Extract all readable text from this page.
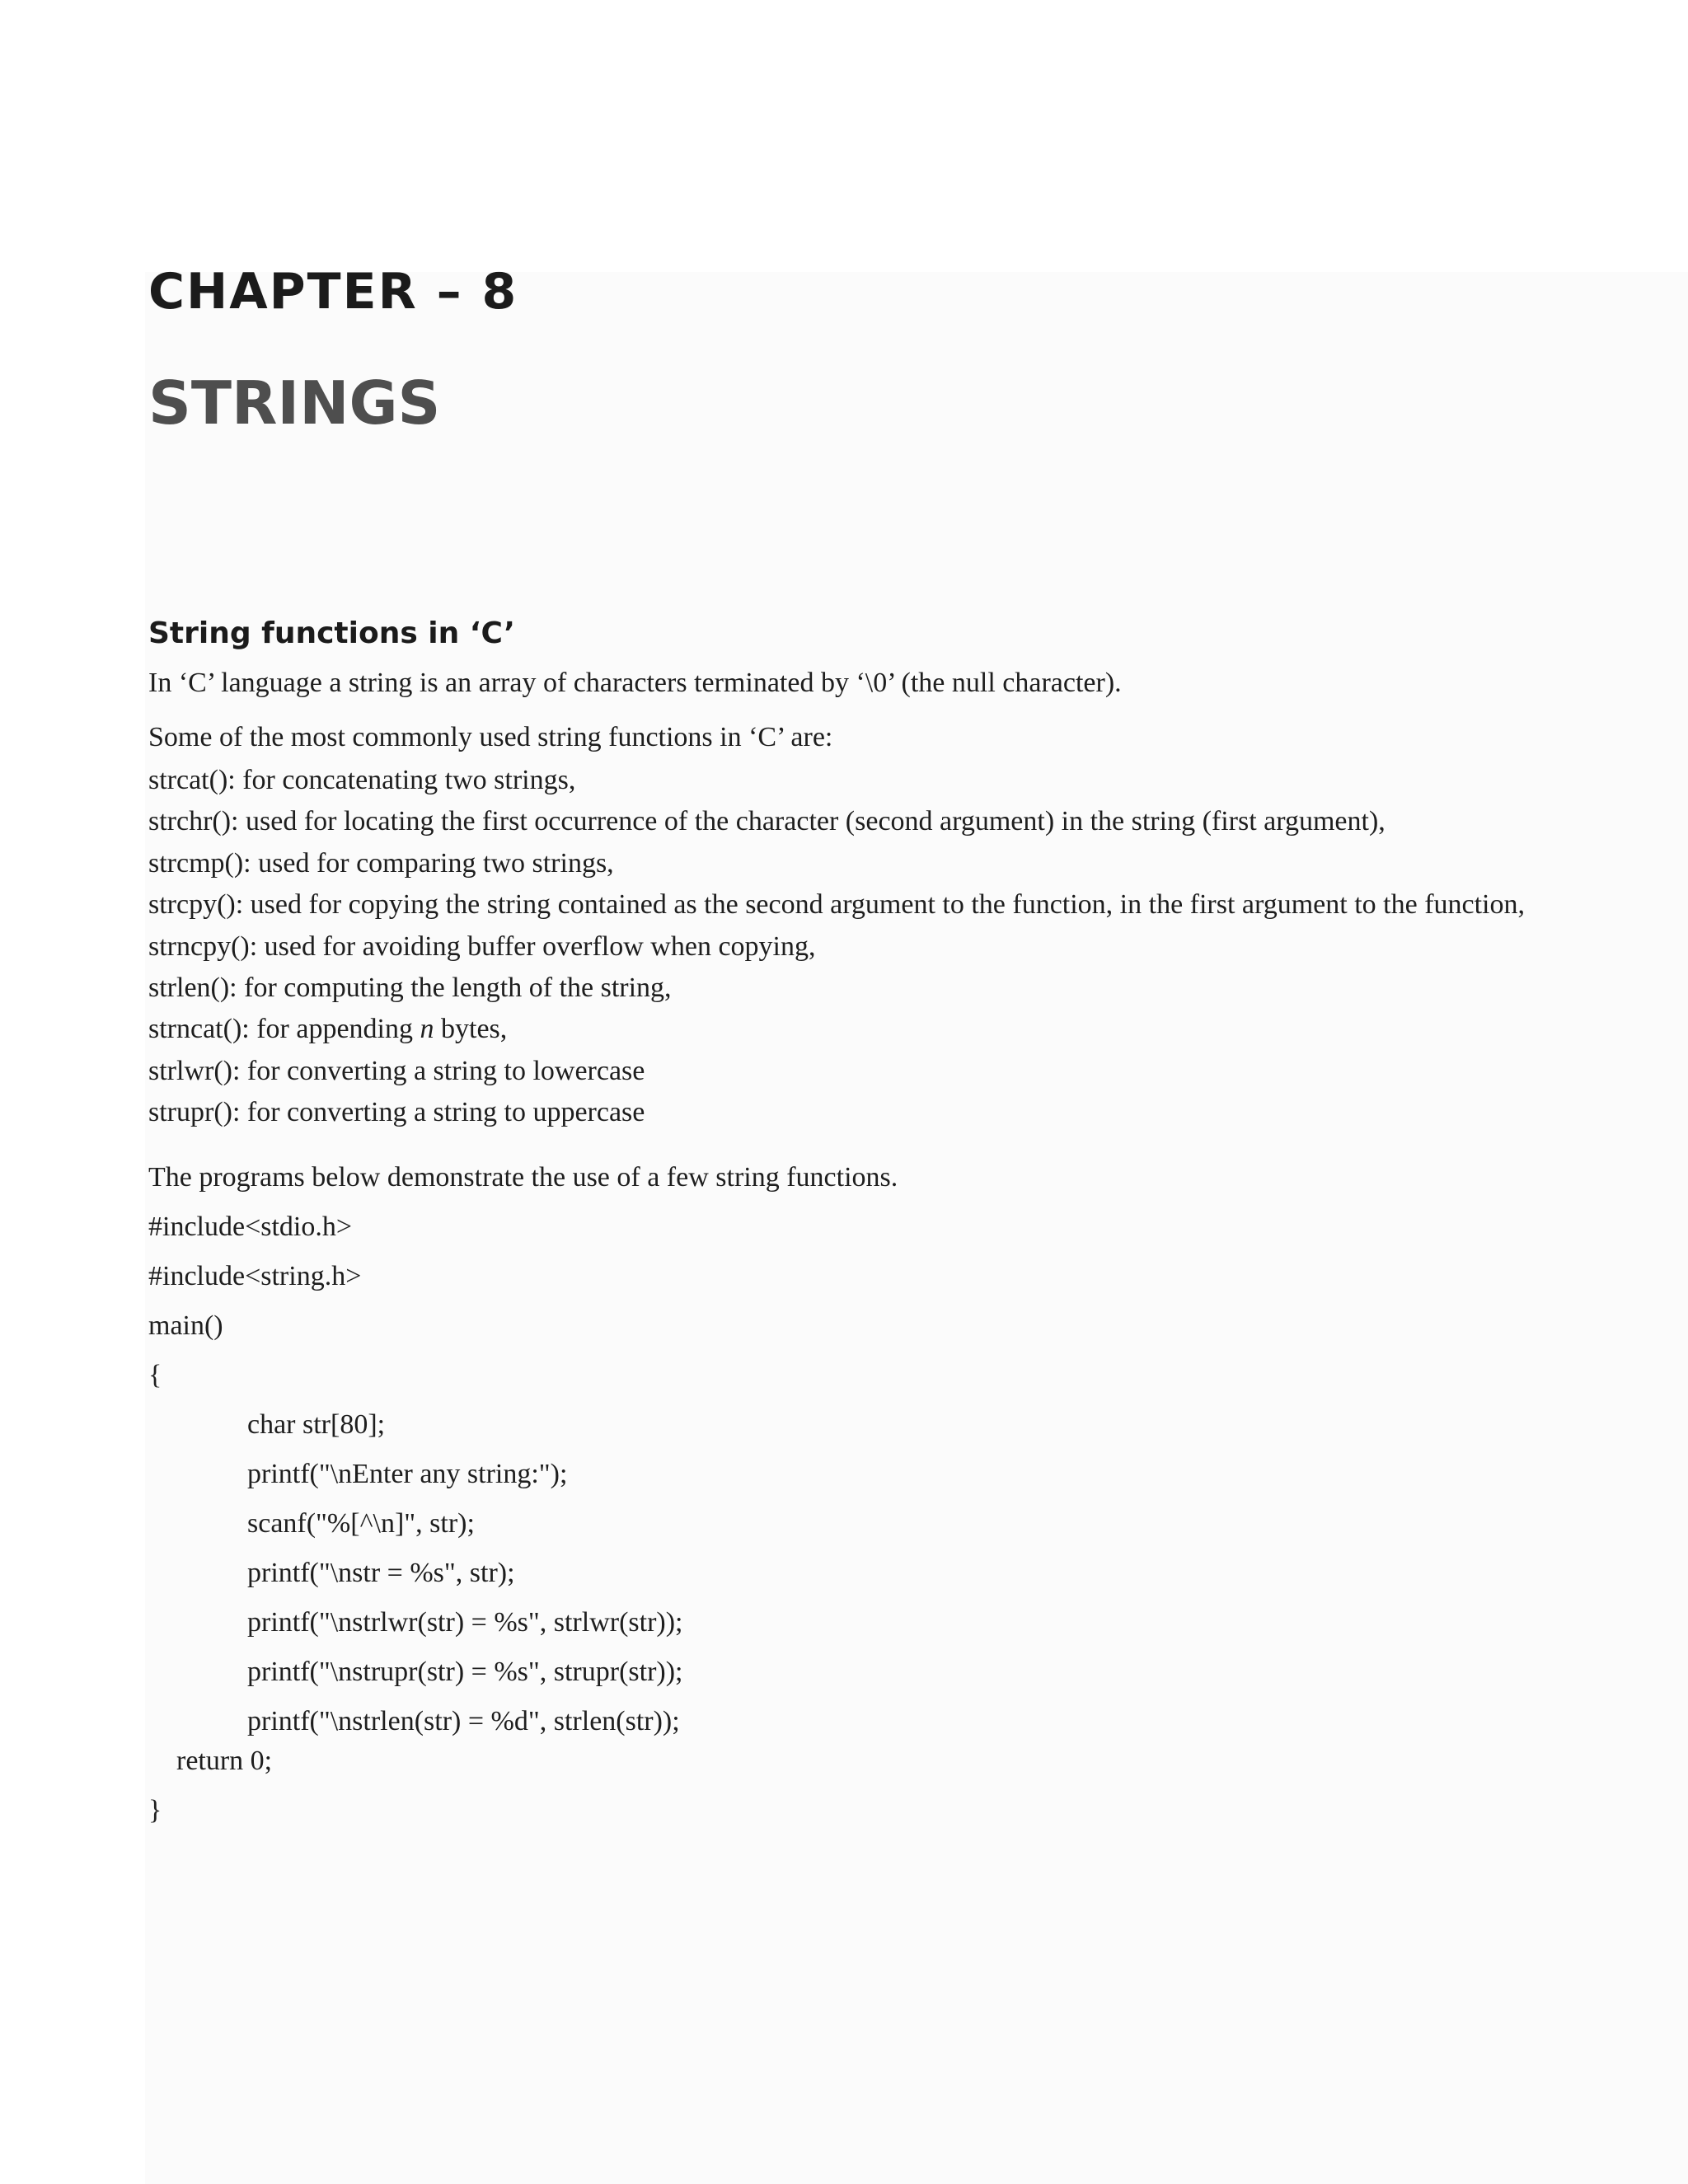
CHAPTER – 8
STRINGS
String functions in ‘C’

In ‘C’ language a string is an array of characters terminated by ‘\0’ (the null character).

Some of the most commonly used string functions in ‘C’ are:

strcat(): for concatenating two strings,
strchr(): used for locating the first occurrence of the character (second argument) in the string (first argument),
strcmp(): used for comparing two strings,
strcpy(): used for copying the string contained as the second argument to the function, in the first argument to the function,
strncpy(): used for avoiding buffer overflow when copying,
strlen(): for computing the length of the string,
strncat(): for appending n bytes,
strlwr(): for converting a string to lowercase
strupr(): for converting a string to uppercase

The programs below demonstrate the use of a few string functions.

#include<stdio.h>

#include<string.h>

main()

{

char str[80];

printf("\nEnter any string:");

scanf("%[^\n]", str);

printf("\nstr = %s", str);

printf("\nstrlwr(str) = %s", strlwr(str));

printf("\nstrupr(str) = %s", strupr(str));

printf("\nstrlen(str) = %d", strlen(str));

return 0;

}
